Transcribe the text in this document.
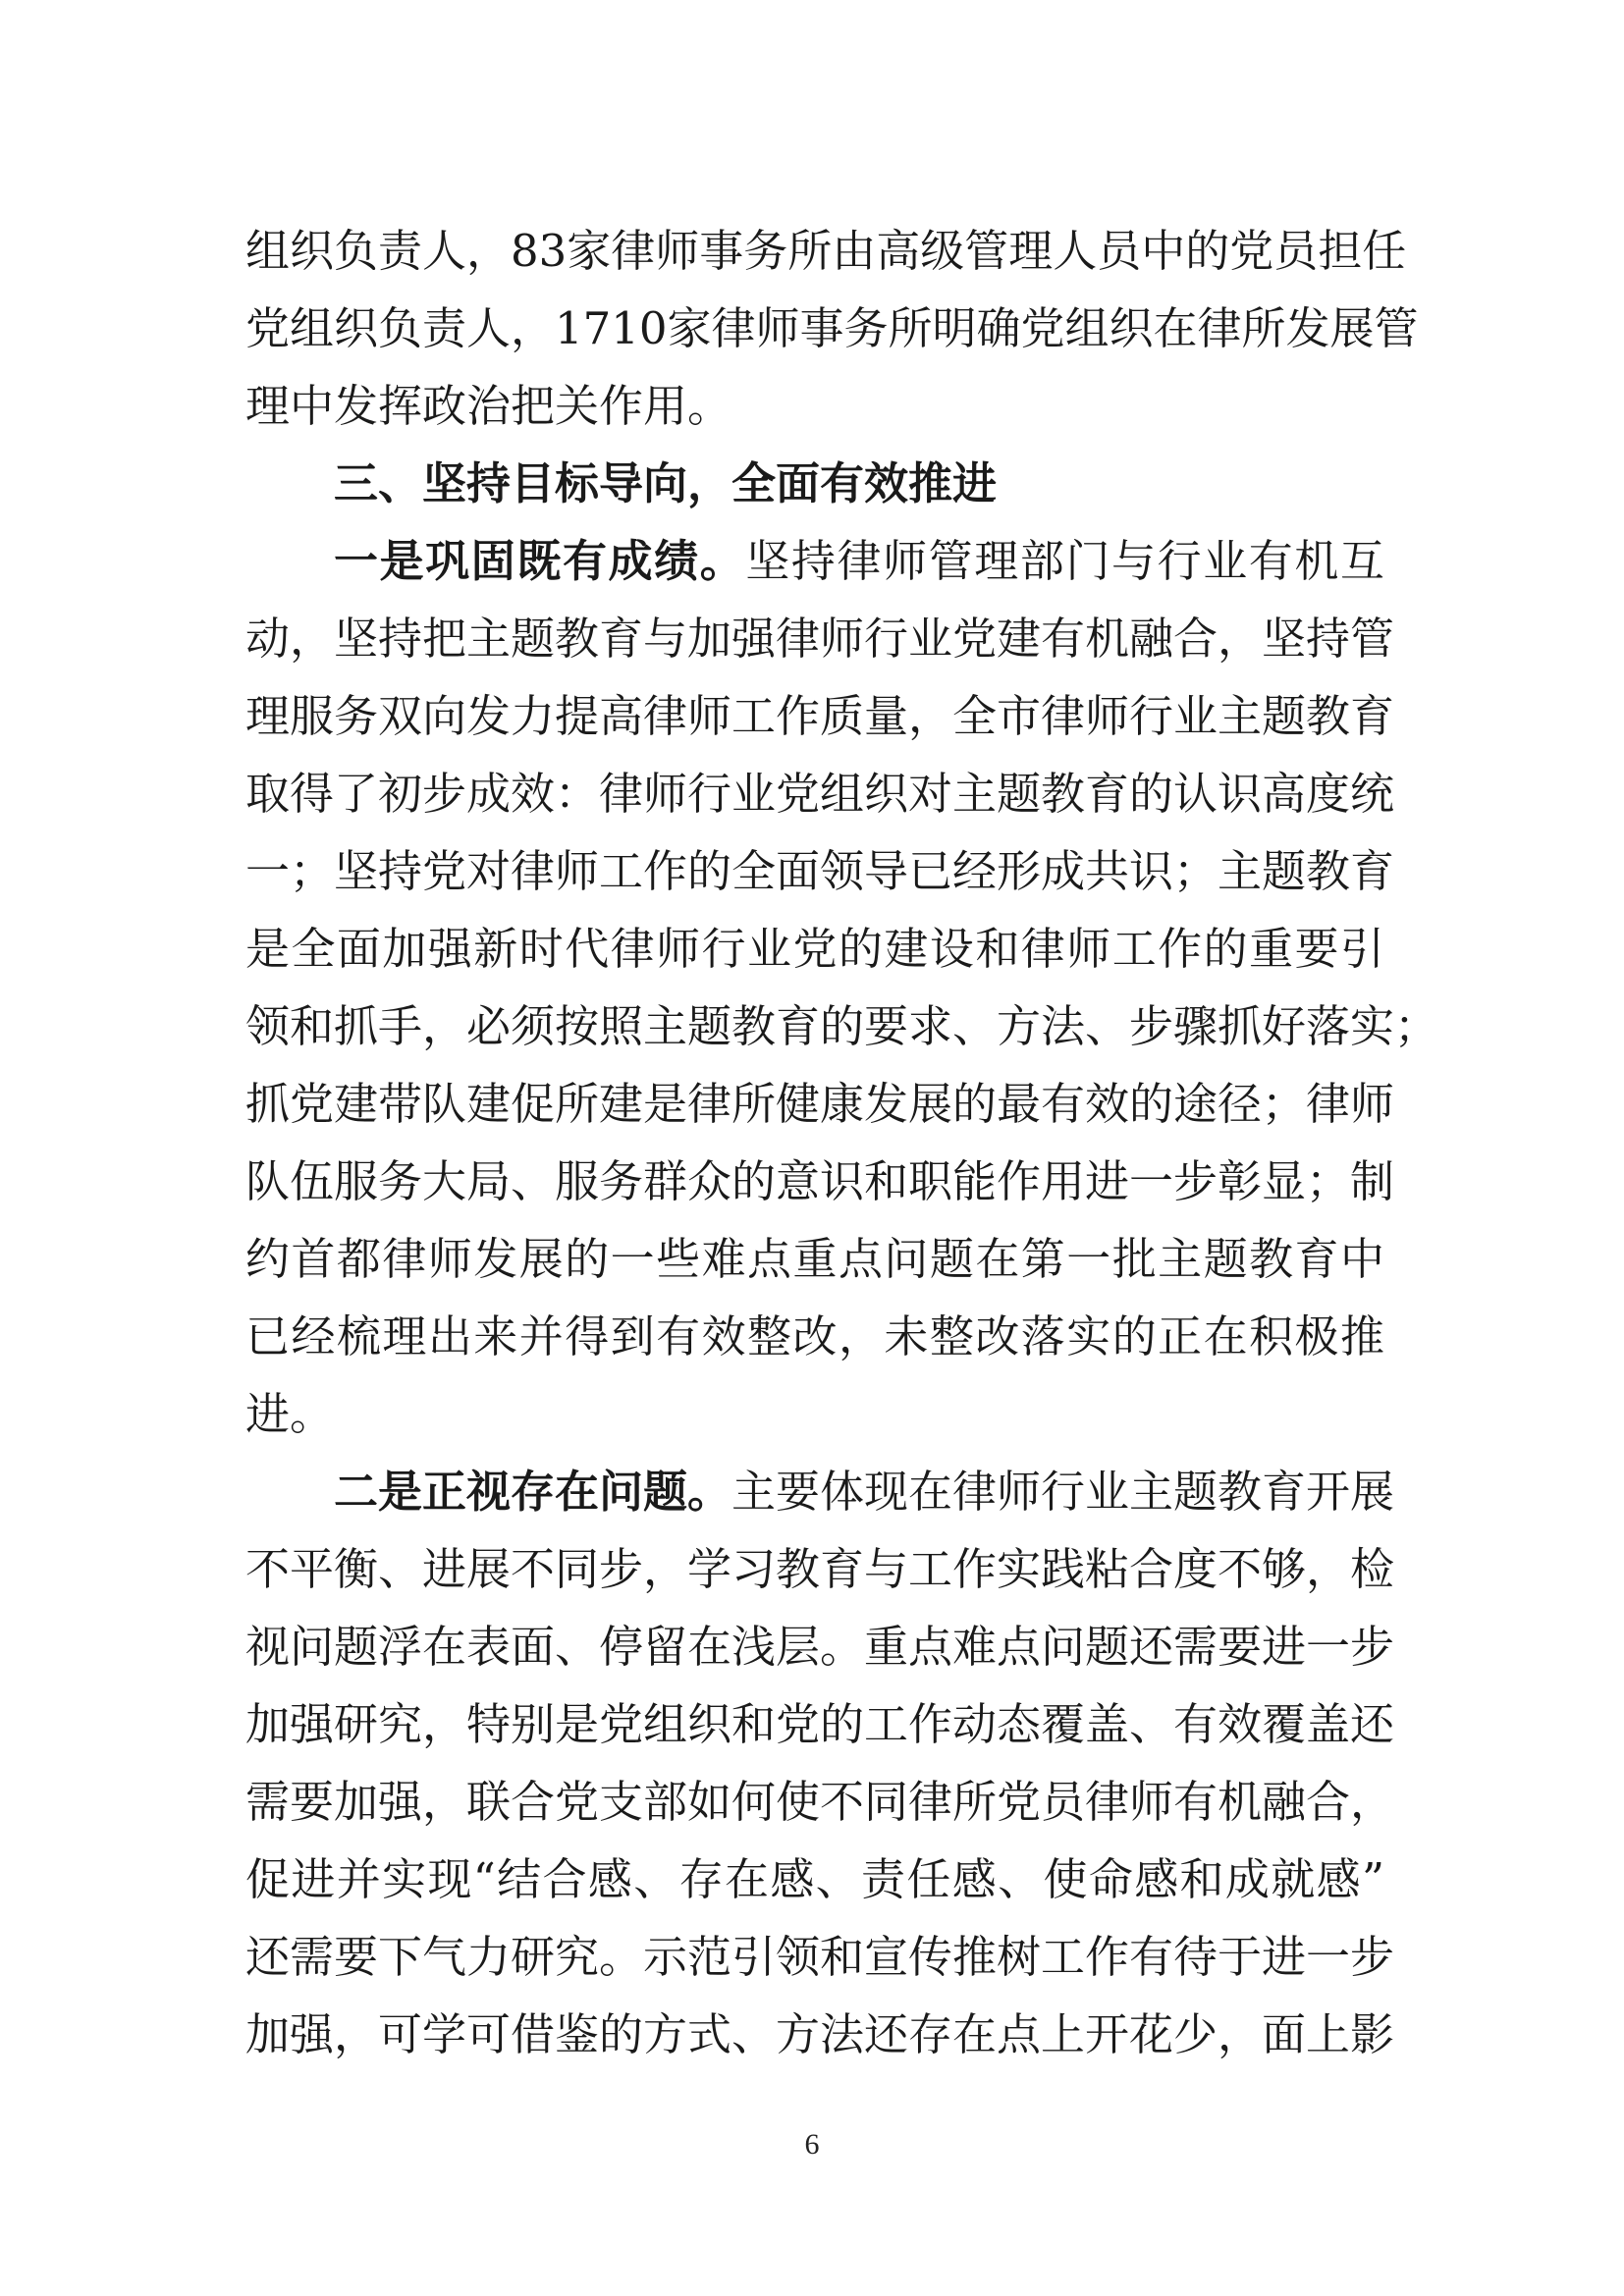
组织负责人，83家律师事务所由高级管理人员中的党员担任
党组织负责人，1710家律师事务所明确党组织在律所发展管
理中发挥政治把关作用。
三、坚持目标导向，全面有效推进
一是巩固既有成绩。坚持律师管理部门与行业有机互
动，坚持把主题教育与加强律师行业党建有机融合，坚持管
理服务双向发力提高律师工作质量，全市律师行业主题教育
取得了初步成效：律师行业党组织对主题教育的认识高度统
一；坚持党对律师工作的全面领导已经形成共识；主题教育
是全面加强新时代律师行业党的建设和律师工作的重要引
领和抓手，必须按照主题教育的要求、方法、步骤抓好落实；
抓党建带队建促所建是律所健康发展的最有效的途径；律师
队伍服务大局、服务群众的意识和职能作用进一步彰显；制
约首都律师发展的一些难点重点问题在第一批主题教育中
已经梳理出来并得到有效整改，未整改落实的正在积极推
进。
二是正视存在问题。主要体现在律师行业主题教育开展
不平衡、进展不同步，学习教育与工作实践粘合度不够，检
视问题浮在表面、停留在浅层。重点难点问题还需要进一步
加强研究，特别是党组织和党的工作动态覆盖、有效覆盖还
需要加强，联合党支部如何使不同律所党员律师有机融合，
促进并实现“结合感、存在感、责任感、使命感和成就感”
还需要下气力研究。示范引领和宣传推树工作有待于进一步
加强，可学可借鉴的方式、方法还存在点上开花少，面上影
6
